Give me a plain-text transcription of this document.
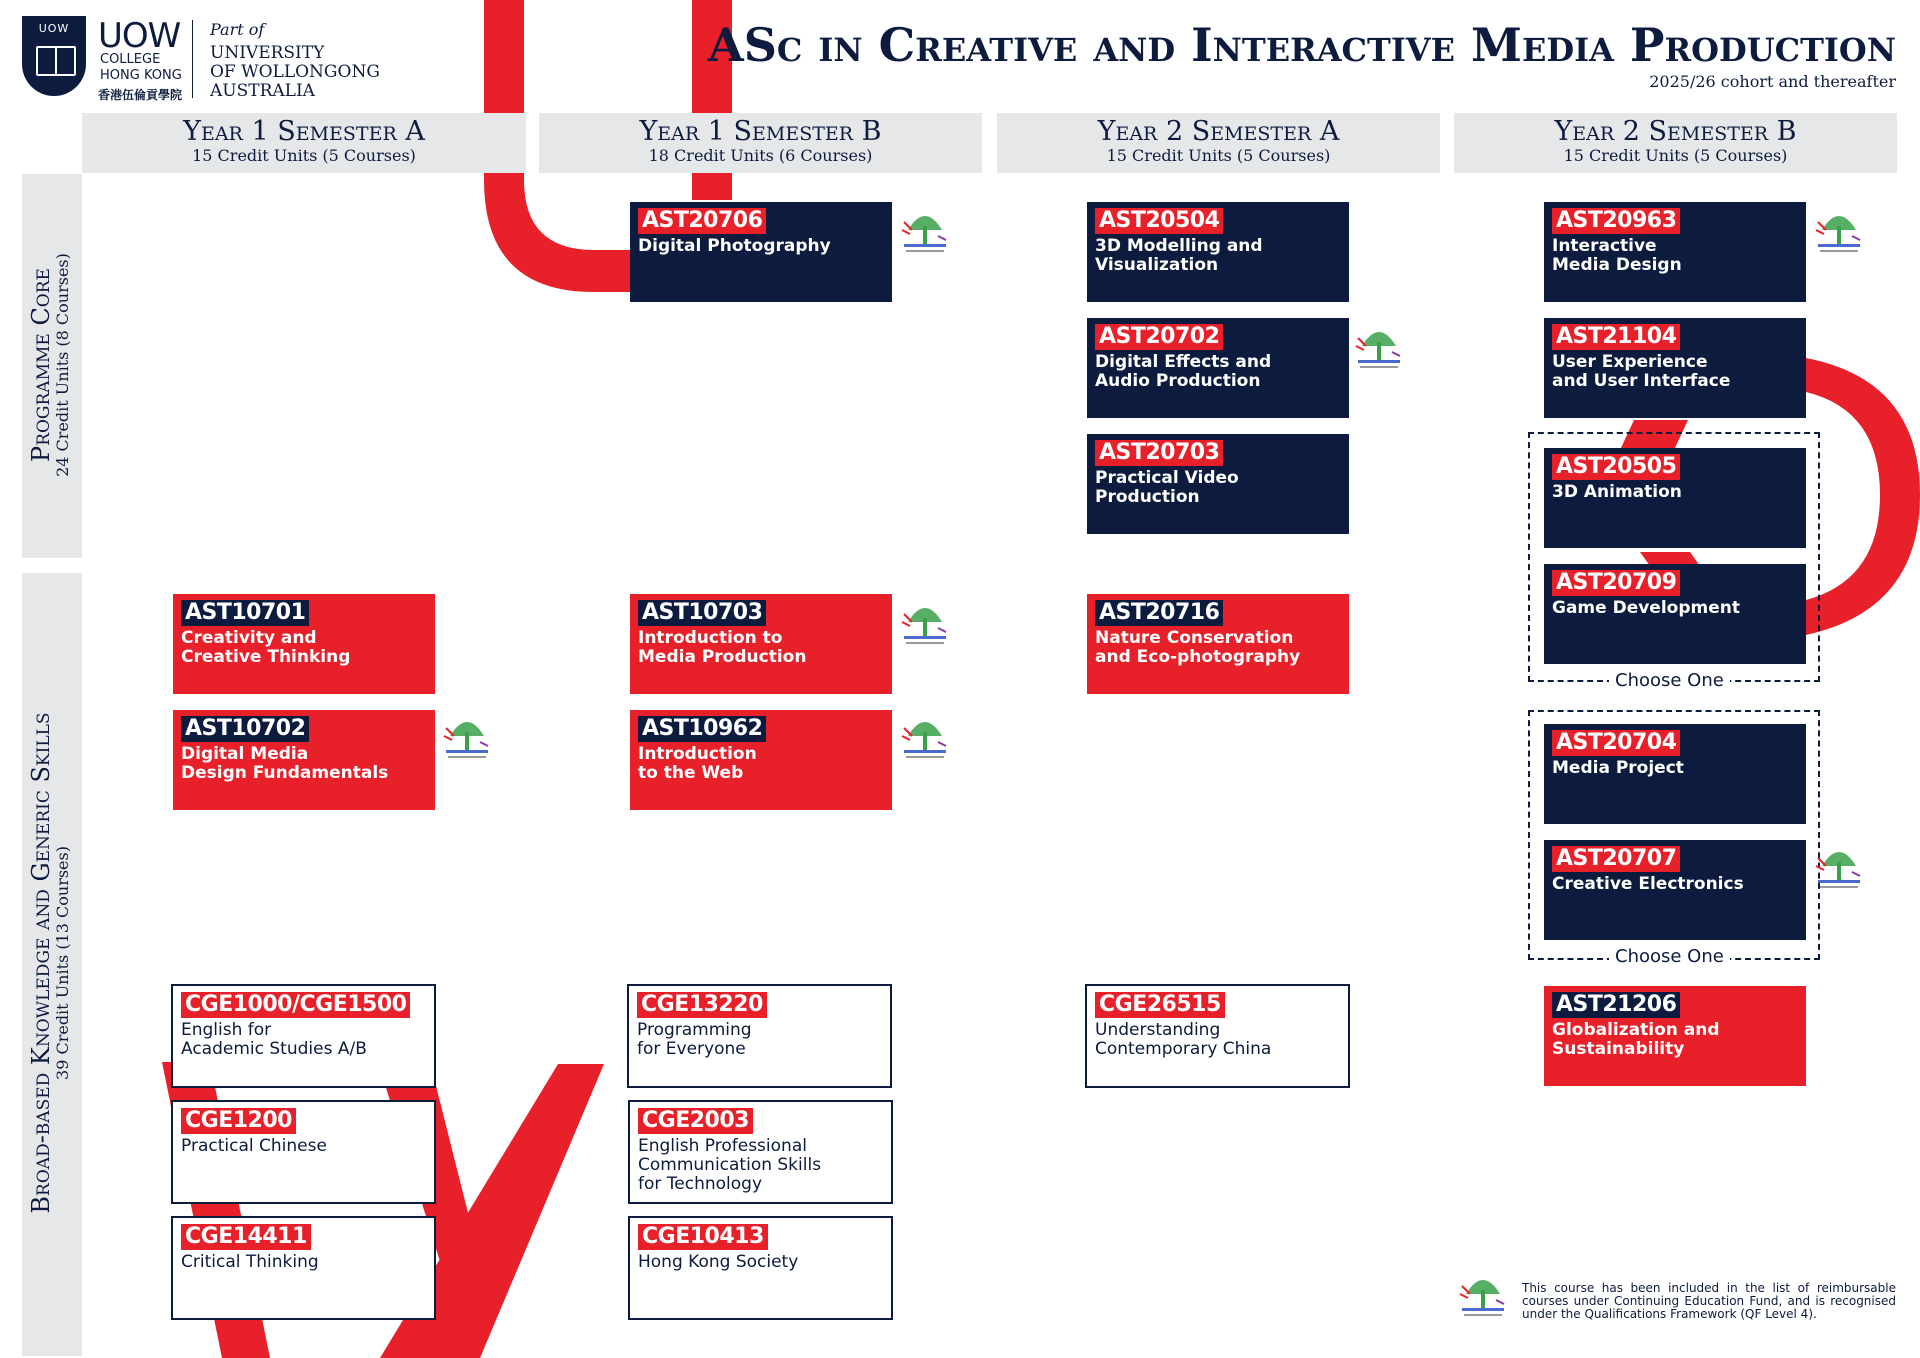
UOW UOW
COLLEGE
HONG KONG
香港伍倫貢學院
Part of
UNIVERSITY
OF WOLLONGONG
AUSTRALIA
ASc in Creative and Interactive Media Production
2025/26 cohort and thereafter
Year 1 Semester A
15 Credit Units (5 Courses)
Year 1 Semester B
18 Credit Units (6 Courses)
Year 2 Semester A
15 Credit Units (5 Courses)
Year 2 Semester B
15 Credit Units (5 Courses)
Programme Core
24 Credit Units (8 Courses)
Broad-based Knowledge and Generic Skills
39 Credit Units (13 Courses)
Choose One
Choose One
AST20706
Digital Photography
AST20504
3D Modelling and
Visualization
AST20702
Digital Effects and
Audio Production
AST20703
Practical Video
Production
AST20963
Interactive
Media Design
AST21104
User Experience
and User Interface
AST20505
3D Animation
AST20709
Game Development
AST10701
Creativity and
Creative Thinking
AST10702
Digital Media
Design Fundamentals
AST10703
Introduction to
Media Production
AST10962
Introduction
to the Web
AST20716
Nature Conservation
and Eco-photography
AST20704
Media Project
AST20707
Creative Electronics
CGE1000/CGE1500
English for
Academic Studies A/B
CGE1200
Practical Chinese
CGE14411
Critical Thinking
CGE13220
Programming
for Everyone
CGE2003
English Professional
Communication Skills
for Technology
CGE10413
Hong Kong Society
CGE26515
Understanding
Contemporary China
AST21206
Globalization and
Sustainability
This course has been included in the list of reimbursable courses under Continuing Education Fund, and is recognised under the Qualifications Framework (QF Level 4).
